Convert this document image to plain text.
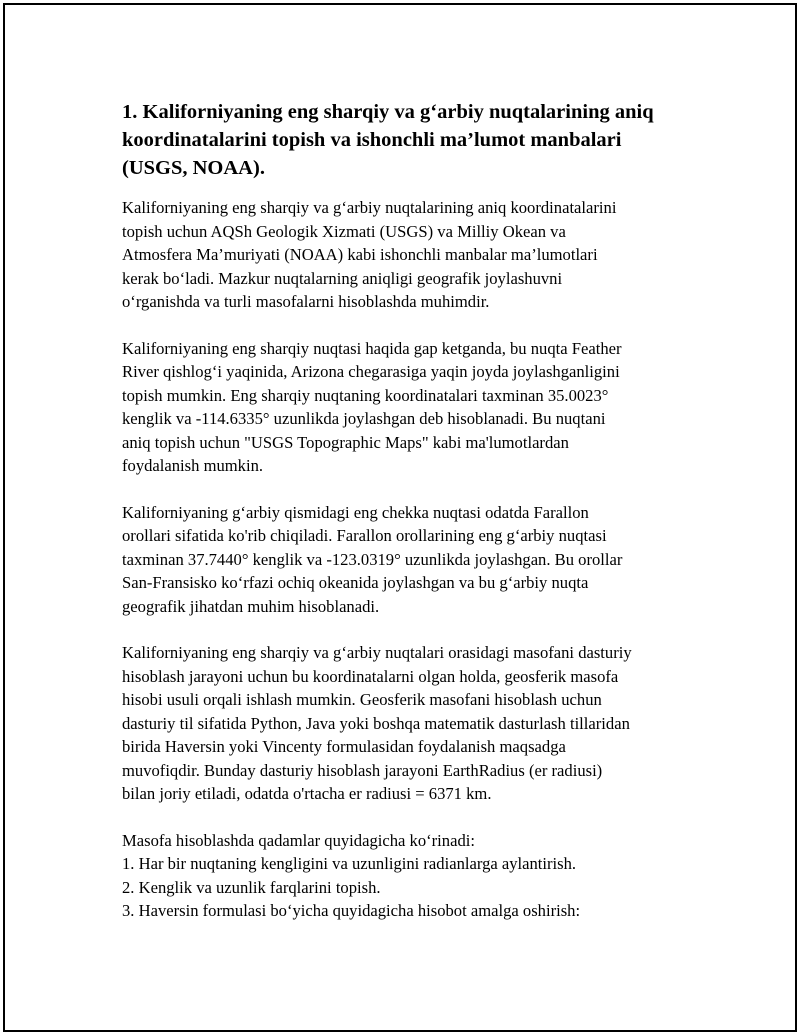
1. Kaliforniyaning eng sharqiy va g‘arbiy nuqtalarining aniq
koordinatalarini topish va ishonchli ma’lumot manbalari
(USGS, NOAA).
Kaliforniyaning eng sharqiy va g‘arbiy nuqtalarining aniq koordinatalarini
topish uchun AQSh Geologik Xizmati (USGS) va Milliy Okean va
Atmosfera Ma’muriyati (NOAA) kabi ishonchli manbalar ma’lumotlari
kerak bo‘ladi. Mazkur nuqtalarning aniqligi geografik joylashuvni
o‘rganishda va turli masofalarni hisoblashda muhimdir.
Kaliforniyaning eng sharqiy nuqtasi haqida gap ketganda, bu nuqta Feather
River qishlog‘i yaqinida, Arizona chegarasiga yaqin joyda joylashganligini
topish mumkin. Eng sharqiy nuqtaning koordinatalari taxminan 35.0023°
kenglik va -114.6335° uzunlikda joylashgan deb hisoblanadi. Bu nuqtani
aniq topish uchun "USGS Topographic Maps" kabi ma'lumotlardan
foydalanish mumkin.
Kaliforniyaning g‘arbiy qismidagi eng chekka nuqtasi odatda Farallon
orollari sifatida ko'rib chiqiladi. Farallon orollarining eng g‘arbiy nuqtasi
taxminan 37.7440° kenglik va -123.0319° uzunlikda joylashgan. Bu orollar
San-Fransisko ko‘rfazi ochiq okeanida joylashgan va bu g‘arbiy nuqta
geografik jihatdan muhim hisoblanadi.
Kaliforniyaning eng sharqiy va g‘arbiy nuqtalari orasidagi masofani dasturiy
hisoblash jarayoni uchun bu koordinatalarni olgan holda, geosferik masofa
hisobi usuli orqali ishlash mumkin. Geosferik masofani hisoblash uchun
dasturiy til sifatida Python, Java yoki boshqa matematik dasturlash tillaridan
birida Haversin yoki Vincenty formulasidan foydalanish maqsadga
muvofiqdir. Bunday dasturiy hisoblash jarayoni EarthRadius (er radiusi)
bilan joriy etiladi, odatda o'rtacha er radiusi = 6371 km.
Masofa hisoblashda qadamlar quyidagicha ko‘rinadi:
1. Har bir nuqtaning kengligini va uzunligini radianlarga aylantirish.
2. Kenglik va uzunlik farqlarini topish.
3. Haversin formulasi bo‘yicha quyidagicha hisobot amalga oshirish:
